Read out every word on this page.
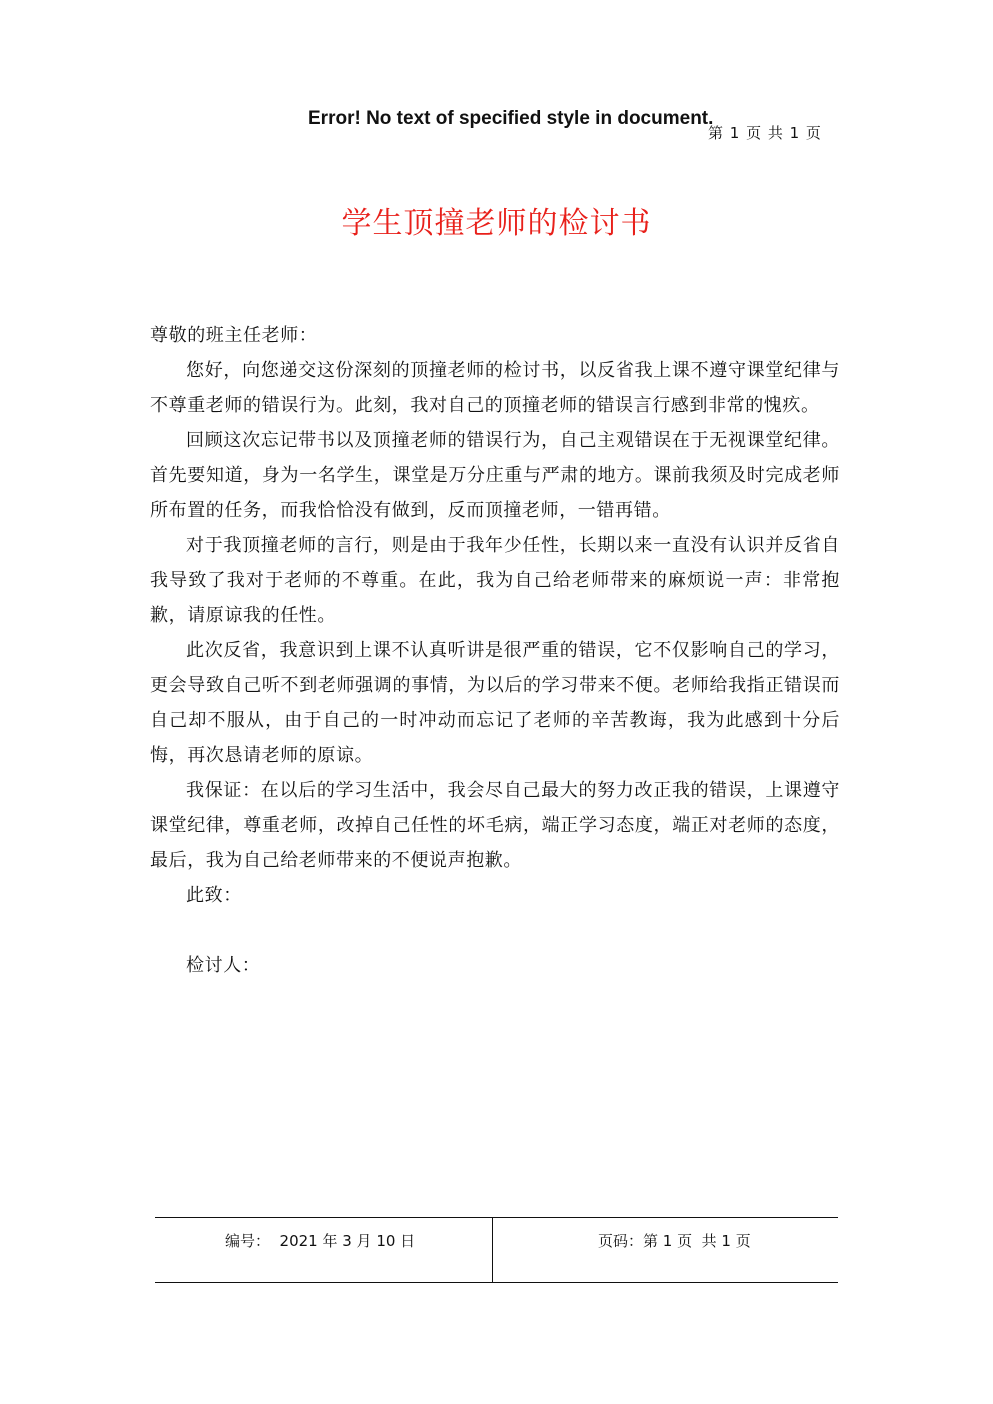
Error! No text of specified style in document.
第 1 页 共 1 页
学生顶撞老师的检讨书

尊敬的班主任老师：

您好，向您递交这份深刻的顶撞老师的检讨书，以反省我上课不遵守课堂纪律与不尊重老师的错误行为。此刻，我对自己的顶撞老师的错误言行感到非常的愧疚。

回顾这次忘记带书以及顶撞老师的错误行为，自己主观错误在于无视课堂纪律。首先要知道，身为一名学生，课堂是万分庄重与严肃的地方。课前我须及时完成老师所布置的任务，而我恰恰没有做到，反而顶撞老师，一错再错。

对于我顶撞老师的言行，则是由于我年少任性，长期以来一直没有认识并反省自我导致了我对于老师的不尊重。在此，我为自己给老师带来的麻烦说一声：非常抱歉，请原谅我的任性。

此次反省，我意识到上课不认真听讲是很严重的错误，它不仅影响自己的学习，更会导致自己听不到老师强调的事情，为以后的学习带来不便。老师给我指正错误而自己却不服从，由于自己的一时冲动而忘记了老师的辛苦教诲，我为此感到十分后悔，再次恳请老师的原谅。

我保证：在以后的学习生活中，我会尽自己最大的努力改正我的错误，上课遵守课堂纪律，尊重老师，改掉自己任性的坏毛病，端正学习态度，端正对老师的态度，最后，我为自己给老师带来的不便说声抱歉。

此致：

检讨人：

编号：  2021 年 3 月 10 日	页码：第 1 页  共 1 页
